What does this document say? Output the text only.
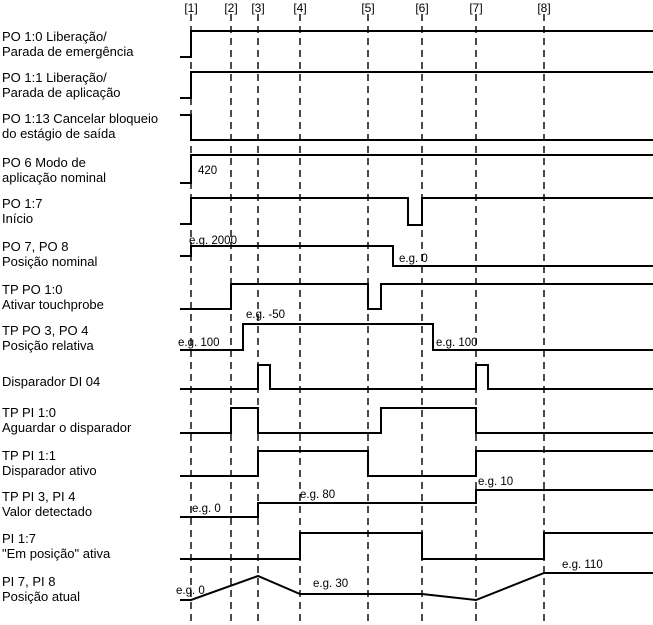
[1] [2] [3] [4]	[5]	[6]	[7]	[8]
PO 1:0 Liberação/
Parada de emergência
PO 1:1 Liberação/
Parada de aplicação
PO 1:13 Cancelar bloqueio
do estágio de saída
PO 6 Modo de
aplicação nominal
PO 1:7
Início
PO 7, PO 8
Posição nominal
TP PO 1:0
Ativar touchprobe
TP PO 3, PO 4
Posição relativa
Disparador DI 04
TP PI 1:0
Aguardar o disparador
TP PI 1:1
Disparador ativo
TP PI 3, PI 4
Valor detectado
PI 1:7
"Em posição" ativa
PI 7, PI 8
Posição atual
420
e.g. 2000
e.g. 0
e.g. 100
e.g. -50
e.g. 100
e.g. 0
e.g. 80
e.g. 10
e.g. 0
e.g. 30
e.g. 110
